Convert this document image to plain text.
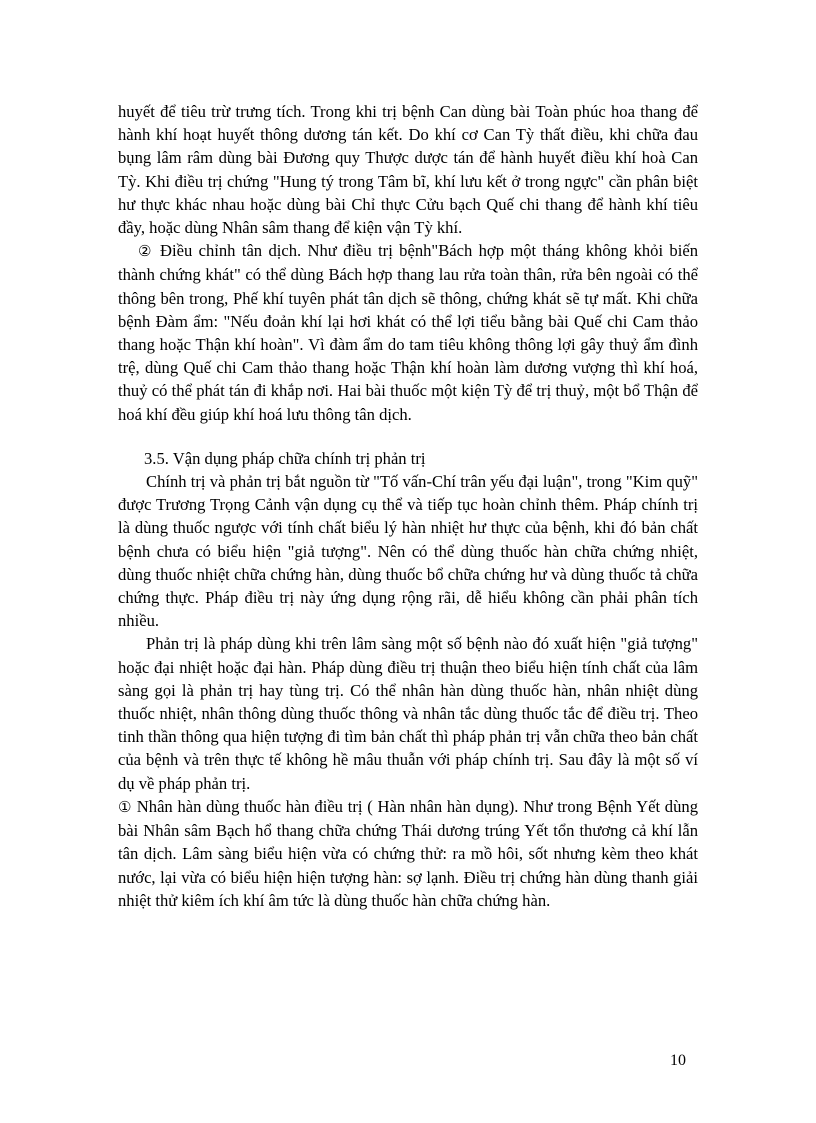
huyết để tiêu trừ trưng tích. Trong khi trị bệnh Can dùng bài Toàn phúc hoa thang để hành khí hoạt huyết thông dương tán kết. Do khí cơ Can Tỳ thất điều, khi chữa đau bụng lâm râm dùng bài Đương quy Thược dược tán để hành huyết điều khí hoà Can Tỳ. Khi điều trị chứng "Hung tý trong Tâm bĩ, khí lưu kết ở trong ngực" cần phân biệt hư thực khác nhau hoặc dùng bài Chỉ thực Cửu bạch Quế chi thang để hành khí tiêu đầy, hoặc dùng Nhân sâm thang để kiện vận Tỳ khí.

② Điều chỉnh tân dịch. Như điều trị bệnh"Bách hợp một tháng không khỏi biến thành chứng khát" có thể dùng Bách hợp thang lau rửa toàn thân, rửa bên ngoài có thể thông bên trong, Phế khí tuyên phát tân dịch sẽ thông, chứng khát sẽ tự mất. Khi chữa bệnh Đàm ẩm: "Nếu đoản khí lại hơi khát có thể lợi tiểu bằng bài Quế chi Cam thảo thang hoặc Thận khí hoàn". Vì đàm ẩm do tam tiêu không thông lợi gây thuỷ ẩm đình trệ, dùng Quế chi Cam thảo thang hoặc Thận khí hoàn làm dương vượng thì khí hoá, thuỷ có thể phát tán đi khắp nơi. Hai bài thuốc một kiện Tỳ để trị thuỷ, một bổ Thận để hoá khí đều giúp khí hoá lưu thông tân dịch.

3.5. Vận dụng pháp chữa chính trị phản trị

Chính trị và phản trị bắt nguồn từ "Tố vấn-Chí trân yếu đại luận", trong "Kim quỹ" được Trương Trọng Cảnh vận dụng cụ thể và tiếp tục hoàn chỉnh thêm. Pháp chính trị là dùng thuốc ngược với tính chất biểu lý hàn nhiệt hư thực của bệnh, khi đó bản chất bệnh chưa có biểu hiện "giả tượng". Nên có thể dùng thuốc hàn chữa chứng nhiệt, dùng thuốc nhiệt chữa chứng hàn, dùng thuốc bổ chữa chứng hư và dùng thuốc tả chữa chứng thực. Pháp điều trị này ứng dụng rộng rãi, dễ hiểu không cần phải phân tích nhiều.

Phản trị là pháp dùng khi trên lâm sàng một số bệnh nào đó xuất hiện "giả tượng" hoặc đại nhiệt hoặc đại hàn. Pháp dùng điều trị thuận theo biểu hiện tính chất của lâm sàng gọi là phản trị hay tùng trị. Có thể nhân hàn dùng thuốc hàn, nhân nhiệt dùng thuốc nhiệt, nhân thông dùng thuốc thông và nhân tắc dùng thuốc tắc để điều trị. Theo tinh thần thông qua hiện tượng đi tìm bản chất thì pháp phản trị vẫn chữa theo bản chất của bệnh và trên thực tế không hề mâu thuẫn với pháp chính trị. Sau đây là một số ví dụ về pháp phản trị.

① Nhân hàn dùng thuốc hàn điều trị ( Hàn nhân hàn dụng). Như trong Bệnh Yết dùng bài Nhân sâm Bạch hổ thang chữa chứng Thái dương trúng Yết tổn thương cả khí lẫn tân dịch. Lâm sàng biểu hiện vừa có chứng thử: ra mồ hôi, sốt nhưng kèm theo khát nước, lại vừa có biểu hiện hiện tượng hàn: sợ lạnh. Điều trị chứng hàn dùng thanh giải nhiệt thử kiêm ích khí âm tức là dùng thuốc hàn chữa chứng hàn.

10
